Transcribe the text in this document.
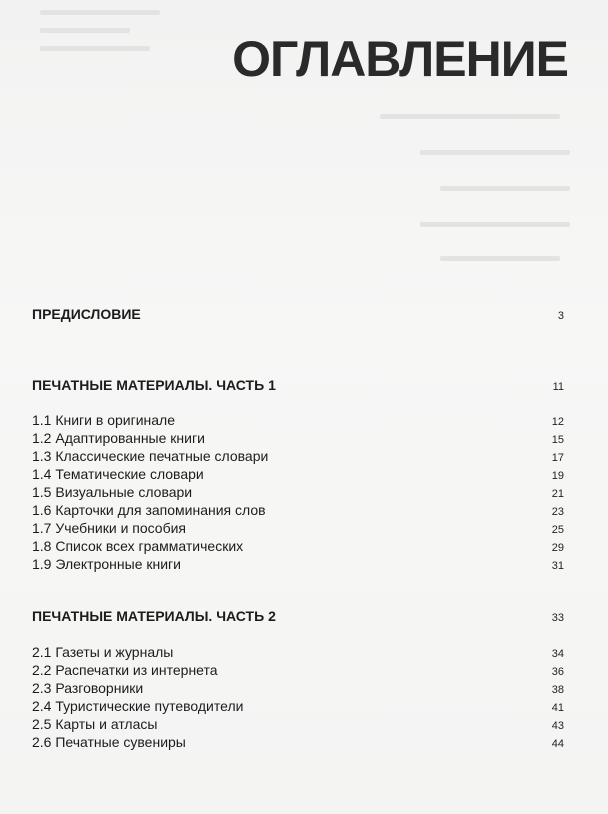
ОГЛАВЛЕНИЕ
ПРЕДИСЛОВИЕ	3
ПЕЧАТНЫЕ МАТЕРИАЛЫ. ЧАСТЬ 1	11
1.1 Книги в оригинале	12
1.2 Адаптированные книги	15
1.3 Классические печатные словари	17
1.4 Тематические словари	19
1.5 Визуальные словари	21
1.6 Карточки для запоминания слов	23
1.7 Учебники и пособия	25
1.8 Список всех грамматических	29
1.9 Электронные книги	31
ПЕЧАТНЫЕ МАТЕРИАЛЫ. ЧАСТЬ 2	33
2.1 Газеты и журналы	34
2.2 Распечатки из интернета	36
2.3 Разговорники	38
2.4 Туристические путеводители	41
2.5 Карты и атласы	43
2.6 Печатные сувениры	44
